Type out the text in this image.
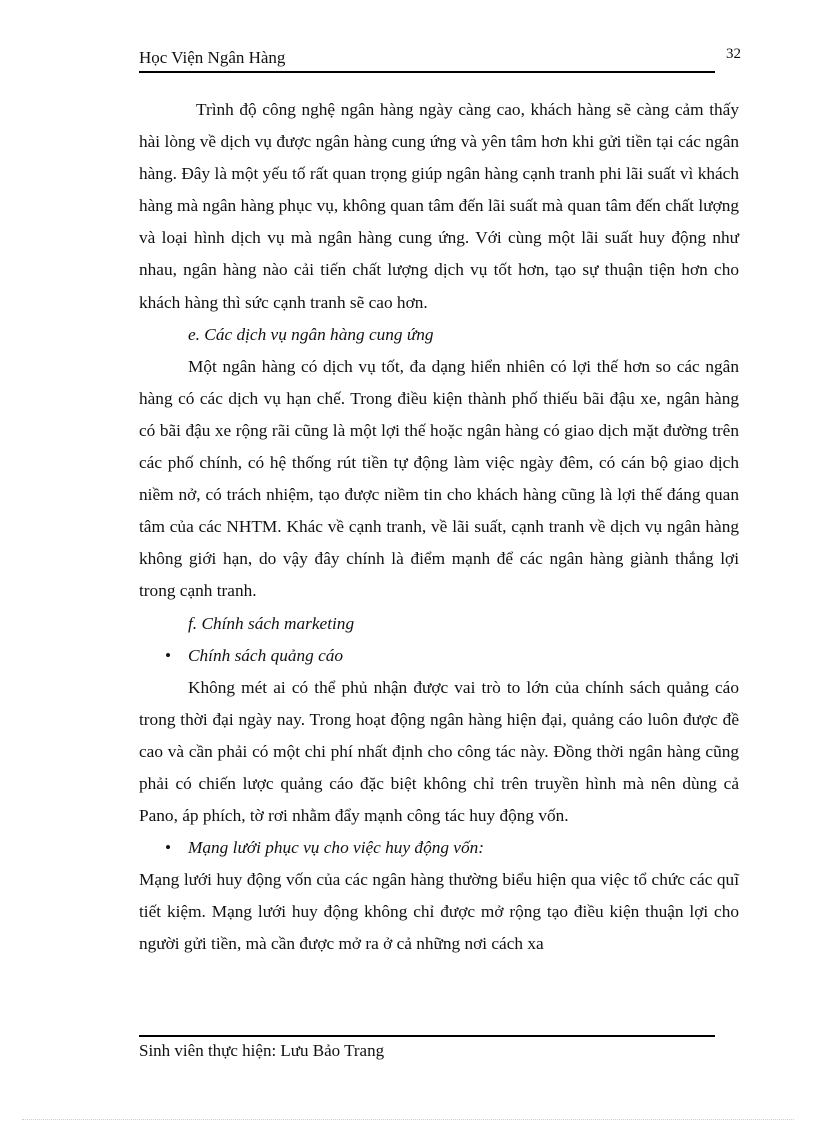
Học Viện Ngân Hàng	32

Trình độ công nghệ ngân hàng ngày càng cao, khách hàng sẽ càng cảm thấy hài lòng về dịch vụ được ngân hàng cung ứng và yên tâm hơn khi gửi tiền tại các ngân hàng. Đây là một yếu tố rất quan trọng giúp ngân hàng cạnh tranh phi lãi suất vì khách hàng mà ngân hàng phục vụ, không quan tâm đến lãi suất mà quan tâm đến chất lượng và loại hình dịch vụ mà ngân hàng cung ứng. Với cùng một lãi suất huy động như nhau, ngân hàng nào cải tiến chất lượng dịch vụ tốt hơn, tạo sự thuận tiện hơn cho khách hàng thì sức cạnh tranh sẽ cao hơn.

e. Các dịch vụ ngân hàng cung ứng

Một ngân hàng có dịch vụ tốt, đa dạng hiển nhiên có lợi thế hơn so các ngân hàng có các dịch vụ hạn chế. Trong điều kiện thành phố thiếu bãi đậu xe, ngân hàng có bãi đậu xe rộng rãi cũng là một lợi thế hoặc ngân hàng có giao dịch mặt đường trên các phố chính, có hệ thống rút tiền tự động làm việc ngày đêm, có cán bộ giao dịch niềm nở, có trách nhiệm, tạo được niềm tin cho khách hàng cũng là lợi thế đáng quan tâm của các NHTM. Khác về cạnh tranh, về lãi suất, cạnh tranh về dịch vụ ngân hàng không giới hạn, do vậy đây chính là điểm mạnh để các ngân hàng giành thắng lợi trong cạnh tranh.

f. Chính sách marketing

• Chính sách quảng cáo

Không mét ai có thể phủ nhận được vai trò to lớn của chính sách quảng cáo trong thời đại ngày nay. Trong hoạt động ngân hàng hiện đại, quảng cáo luôn được đề cao và cần phải có một chi phí nhất định cho công tác này. Đồng thời ngân hàng cũng phải có chiến lược quảng cáo đặc biệt không chỉ trên truyền hình mà nên dùng cả Pano, áp phích, tờ rơi nhằm đẩy mạnh công tác huy động vốn.

• Mạng lưới phục vụ cho việc huy động vốn:

Mạng lưới huy động vốn của các ngân hàng thường biểu hiện qua việc tổ chức các quĩ tiết kiệm. Mạng lưới huy động không chỉ được mở rộng tạo điều kiện thuận lợi cho người gửi tiền, mà cần được mở ra ở cả những nơi cách xa

Sinh viên thực hiện: Lưu Bảo Trang
